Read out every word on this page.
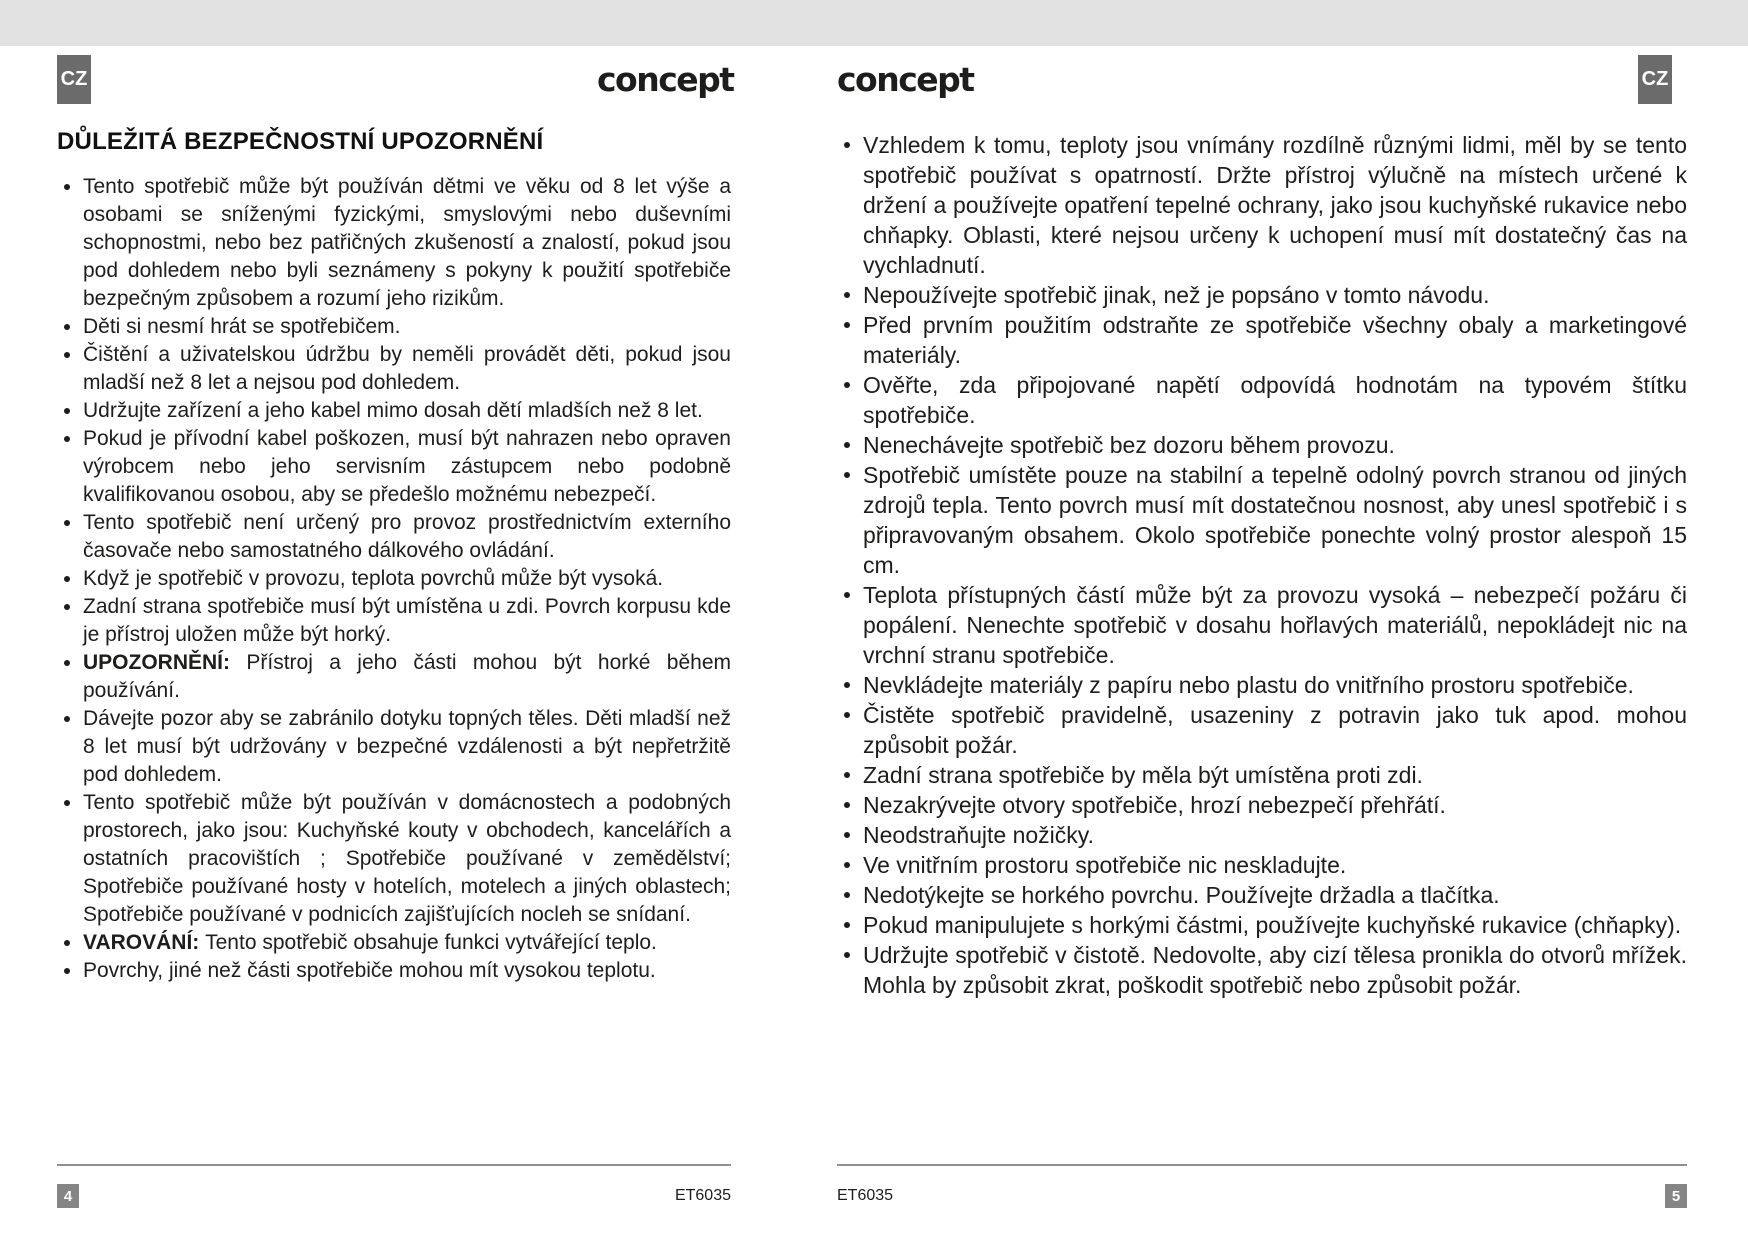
CZ	CZ
concept	concept
DŮLEŽITÁ BEZPEČNOSTNÍ UPOZORNĚNÍ
Tento spotřebič může být používán dětmi ve věku od 8 let výše a osobami se sníženými fyzickými, smyslovými nebo duševními schopnostmi, nebo bez patřičných zkušeností a znalostí, pokud jsou pod dohledem nebo byli seznámeny s pokyny k použití spotřebiče bezpečným způsobem a rozumí jeho rizikům.
Děti si nesmí hrát se spotřebičem.
Čištění a uživatelskou údržbu by neměli provádět děti, pokud jsou mladší než 8 let a nejsou pod dohledem.
Udržujte zařízení a jeho kabel mimo dosah dětí mladších než 8 let.
Pokud je přívodní kabel poškozen, musí být nahrazen nebo opraven výrobcem nebo jeho servisním zástupcem nebo podobně kvalifikovanou osobou, aby se předešlo možnému nebezpečí.
Tento spotřebič není určený pro provoz prostřednictvím externího časovače nebo samostatného dálkového ovládání.
Když je spotřebič v provozu, teplota povrchů může být vysoká.
Zadní strana spotřebiče musí být umístěna u zdi. Povrch korpusu kde je přístroj uložen může být horký.
UPOZORNĚNÍ: Přístroj a jeho části mohou být horké během používání.
Dávejte pozor aby se zabránilo dotyku topných těles. Děti mladší než 8 let musí být udržovány v bezpečné vzdálenosti a být nepřetržitě pod dohledem.
Tento spotřebič může být používán v domácnostech a podobných prostorech, jako jsou: Kuchyňské kouty v obchodech, kancelářích a ostatních pracovištích ; Spotřebiče používané v zemědělství; Spotřebiče používané hosty v hotelích, motelech a jiných oblastech; Spotřebiče používané v podnicích zajišťujících nocleh se snídaní.
VAROVÁNÍ: Tento spotřebič obsahuje funkci vytvářející teplo.
Povrchy, jiné než části spotřebiče mohou mít vysokou teplotu.
Vzhledem k tomu, teploty jsou vnímány rozdílně různými lidmi, měl by se tento spotřebič používat s opatrností. Držte přístroj výlučně na místech určené k držení a používejte opatření tepelné ochrany, jako jsou kuchyňské rukavice nebo chňapky. Oblasti, které nejsou určeny k uchopení musí mít dostatečný čas na vychladnutí.
Nepoužívejte spotřebič jinak, než je popsáno v tomto návodu.
Před prvním použitím odstraňte ze spotřebiče všechny obaly a marketingové materiály.
Ověřte, zda připojované napětí odpovídá hodnotám na typovém štítku spotřebiče.
Nenechávejte spotřebič bez dozoru během provozu.
Spotřebič umístěte pouze na stabilní a tepelně odolný povrch stranou od jiných zdrojů tepla. Tento povrch musí mít dostatečnou nosnost, aby unesl spotřebič i s připravovaným obsahem. Okolo spotřebiče ponechte volný prostor alespoň 15 cm.
Teplota přístupných částí může být za provozu vysoká – nebezpečí požáru či popálení. Nenechte spotřebič v dosahu hořlavých materiálů, nepokládejt nic na vrchní stranu spotřebiče.
Nevkládejte materiály z papíru nebo plastu do vnitřního prostoru spotřebiče.
Čistěte spotřebič pravidelně, usazeniny z potravin jako tuk apod. mohou způsobit požár.
Zadní strana spotřebiče by měla být umístěna proti zdi.
Nezakrývejte otvory spotřebiče, hrozí nebezpečí přehřátí.
Neodstraňujte nožičky.
Ve vnitřním prostoru spotřebiče nic neskladujte.
Nedotýkejte se horkého povrchu. Používejte držadla a tlačítka.
Pokud manipulujete s horkými částmi, používejte kuchyňské rukavice (chňapky).
Udržujte spotřebič v čistotě. Nedovolte, aby cizí tělesa pronikla do otvorů mřížek. Mohla by způsobit zkrat, poškodit spotřebič nebo způsobit požár.
4	ET6035	ET6035	5
